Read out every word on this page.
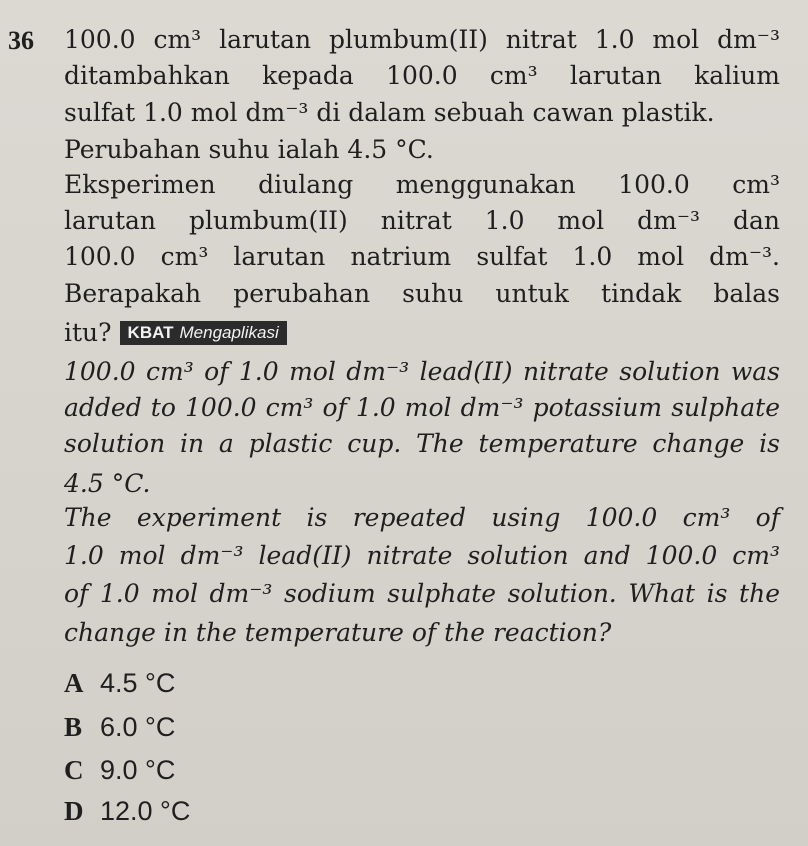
36 100.0 cm³ larutan plumbum(II) nitrat 1.0 mol dm⁻³
ditambahkan kepada 100.0 cm³ larutan kalium
sulfat 1.0 mol dm⁻³ di dalam sebuah cawan plastik.
Perubahan suhu ialah 4.5 °C.
Eksperimen diulang menggunakan 100.0 cm³
larutan plumbum(II) nitrat 1.0 mol dm⁻³ dan
100.0 cm³ larutan natrium sulfat 1.0 mol dm⁻³.
Berapakah perubahan suhu untuk tindak balas
itu? KBAT Mengaplikasi
100.0 cm³ of 1.0 mol dm⁻³ lead(II) nitrate solution was
added to 100.0 cm³ of 1.0 mol dm⁻³ potassium sulphate
solution in a plastic cup. The temperature change is
4.5 °C.
The experiment is repeated using 100.0 cm³ of
1.0 mol dm⁻³ lead(II) nitrate solution and 100.0 cm³
of 1.0 mol dm⁻³ sodium sulphate solution. What is the
change in the temperature of the reaction?
A 4.5 °C
B 6.0 °C
C 9.0 °C
D 12.0 °C
